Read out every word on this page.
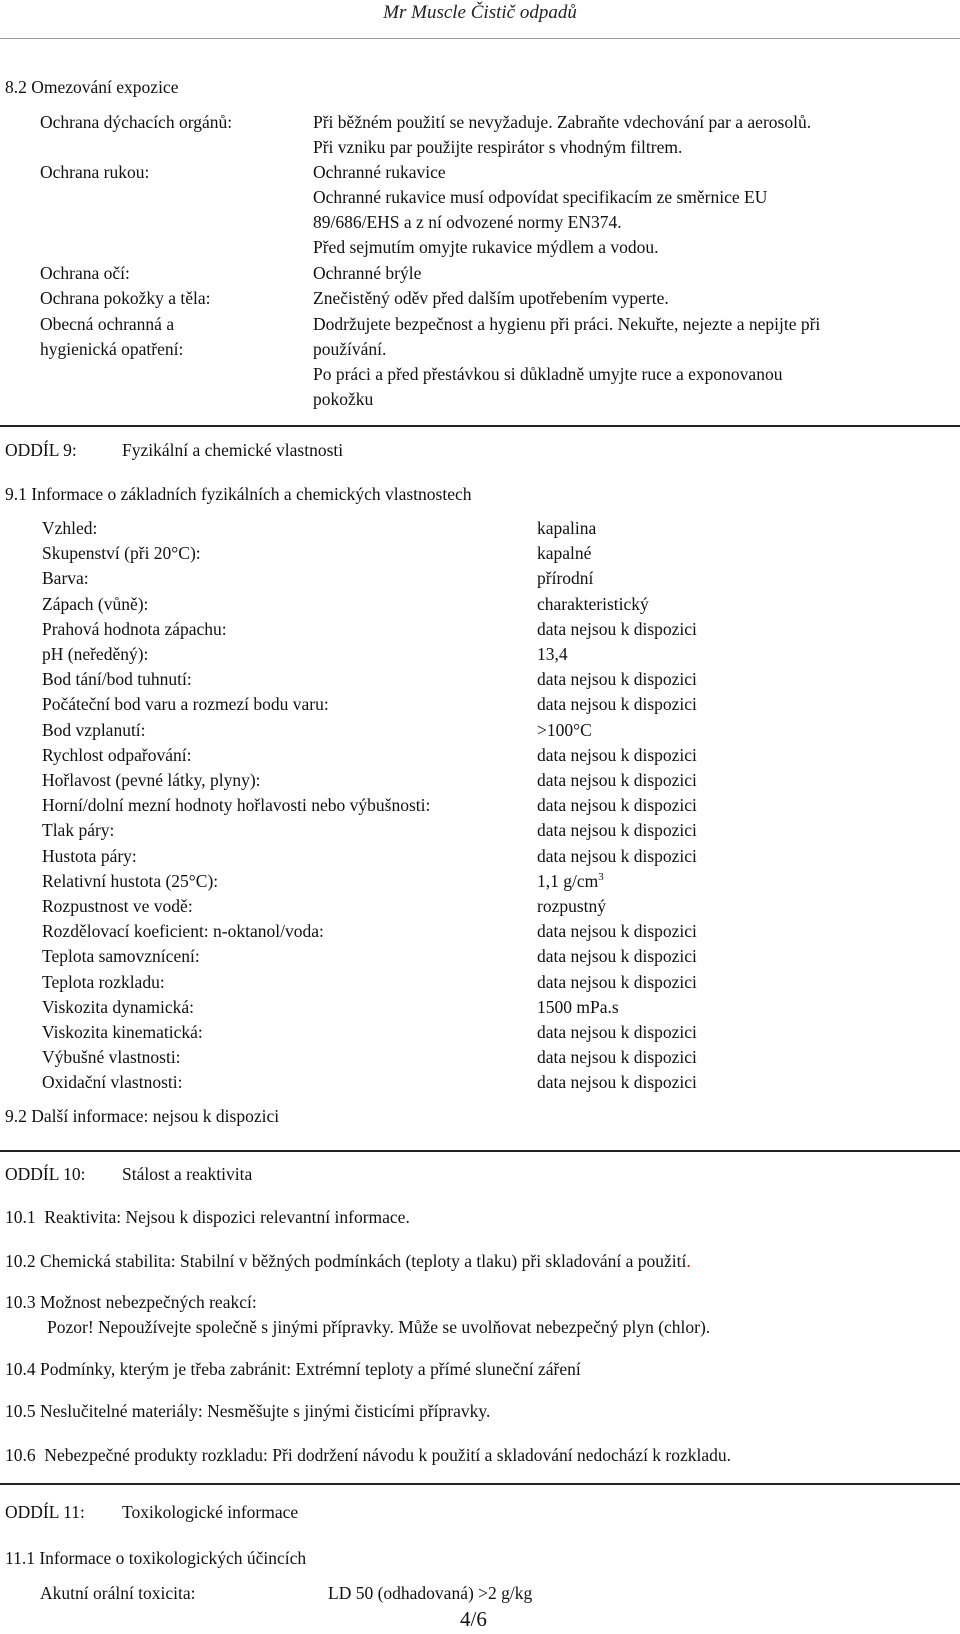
Mr Muscle Čistič odpadů
8.2 Omezování expozice
Ochrana dýchacích orgánů:	Při běžném použití se nevyžaduje. Zabraňte vdechování par a aerosolů.
Při vzniku par použijte respirátor s vhodným filtrem.
Ochrana rukou:	Ochranné rukavice
Ochranné rukavice musí odpovídat specifikacím ze směrnice EU
89/686/EHS a z ní odvozené normy EN374.
Před sejmutím omyjte rukavice mýdlem a vodou.
Ochrana očí:	Ochranné brýle
Ochrana pokožky a těla:	Znečistěný oděv před dalším upotřebením vyperte.
Obecná ochranná a
hygienická opatření:
Dodržujete bezpečnost a hygienu při práci. Nekuřte, nejezte a nepijte při
používání.
Po práci a před přestávkou si důkladně umyjte ruce a exponovanou
pokožku
ODDÍL 9:	Fyzikální a chemické vlastnosti
9.1 Informace o základních fyzikálních a chemických vlastnostech
Vzhled:	kapalina
Skupenství (při 20°C):	kapalné
Barva:	přírodní
Zápach (vůně):	charakteristický
Prahová hodnota zápachu:	data nejsou k dispozici
pH (neředěný):	13,4
Bod tání/bod tuhnutí:	data nejsou k dispozici
Počáteční bod varu a rozmezí bodu varu:	data nejsou k dispozici
Bod vzplanutí:	>100°C
Rychlost odpařování:	data nejsou k dispozici
Hořlavost (pevné látky, plyny):	data nejsou k dispozici
Horní/dolní mezní hodnoty hořlavosti nebo výbušnosti:	data nejsou k dispozici
Tlak páry:	data nejsou k dispozici
Hustota páry:	data nejsou k dispozici
Relativní hustota (25°C):	1,1 $g/cm^3$
Rozpustnost ve vodě:	rozpustný
Rozdělovací koeficient: n-oktanol/voda:	data nejsou k dispozici
Teplota samovznícení:	data nejsou k dispozici
Teplota rozkladu:	data nejsou k dispozici
Viskozita dynamická:	1500 mPa.s
Viskozita kinematická:	data nejsou k dispozici
Výbušné vlastnosti:	data nejsou k dispozici
Oxidační vlastnosti:	data nejsou k dispozici
9.2 Další informace: nejsou k dispozici
ODDÍL 10: Stálost a reaktivita
10.1 Reaktivita: Nejsou k dispozici relevantní informace.
10.2 Chemická stabilita: Stabilní v běžných podmínkách (teploty a tlaku) při skladování a použití.
10.3 Možnost nebezpečných reakcí:
Pozor! Nepoužívejte společně s jinými přípravky. Může se uvolňovat nebezpečný plyn (chlor).
10.4 Podmínky, kterým je třeba zabránit: Extrémní teploty a přímé sluneční záření
10.5 Neslučitelné materiály: Nesměšujte s jinými čisticími přípravky.
10.6 Nebezpečné produkty rozkladu: Při dodržení návodu k použití a skladování nedochází k rozkladu.
ODDÍL 11: Toxikologické informace
11.1 Informace o toxikologických účincích
Akutní orální toxicita:	LD 50 (odhadovaná) >2 g/kg
4/6
